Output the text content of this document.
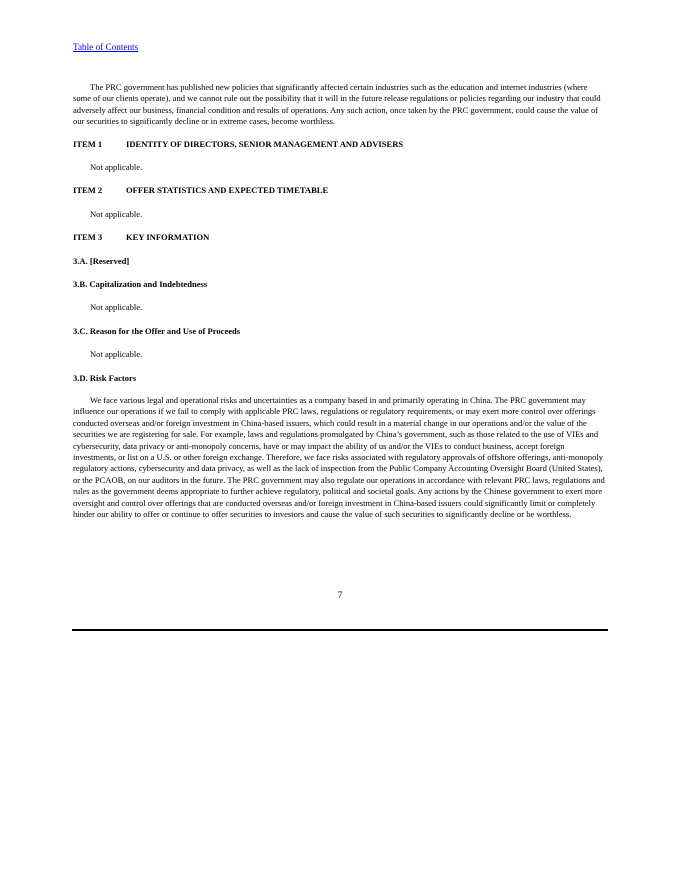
Table of Contents

The PRC government has published new policies that significantly affected certain industries such as the education and internet industries (where some of our clients operate), and we cannot rule out the possibility that it will in the future release regulations or policies regarding our industry that could adversely affect our business, financial condition and results of operations. Any such action, once taken by the PRC government, could cause the value of our securities to significantly decline or in extreme cases, become worthless.

ITEM 1	IDENTITY OF DIRECTORS, SENIOR MANAGEMENT AND ADVISERS

Not applicable.

ITEM 2	OFFER STATISTICS AND EXPECTED TIMETABLE

Not applicable.

ITEM 3	KEY INFORMATION

3.A. [Reserved]

3.B. Capitalization and Indebtedness

Not applicable.

3.C. Reason for the Offer and Use of Proceeds

Not applicable.

3.D. Risk Factors

We face various legal and operational risks and uncertainties as a company based in and primarily operating in China. The PRC government may influence our operations if we fail to comply with applicable PRC laws, regulations or regulatory requirements, or may exert more control over offerings conducted overseas and/or foreign investment in China-based issuers, which could result in a material change in our operations and/or the value of the securities we are registering for sale. For example, laws and regulations promulgated by China’s government, such as those related to the use of VIEs and cybersecurity, data privacy or anti-monopoly concerns, have or may impact the ability of us and/or the VIEs to conduct business, accept foreign investments, or list on a U.S. or other foreign exchange. Therefore, we face risks associated with regulatory approvals of offshore offerings, anti-monopoly regulatory actions, cybersecurity and data privacy, as well as the lack of inspection from the Public Company Accounting Oversight Board (United States), or the PCAOB, on our auditors in the future. The PRC government may also regulate our operations in accordance with relevant PRC laws, regulations and rules as the government deems appropriate to further achieve regulatory, political and societal goals. Any actions by the Chinese government to exert more oversight and control over offerings that are conducted overseas and/or foreign investment in China-based issuers could significantly limit or completely hinder our ability to offer or continue to offer securities to investors and cause the value of such securities to significantly decline or be worthless.

7
